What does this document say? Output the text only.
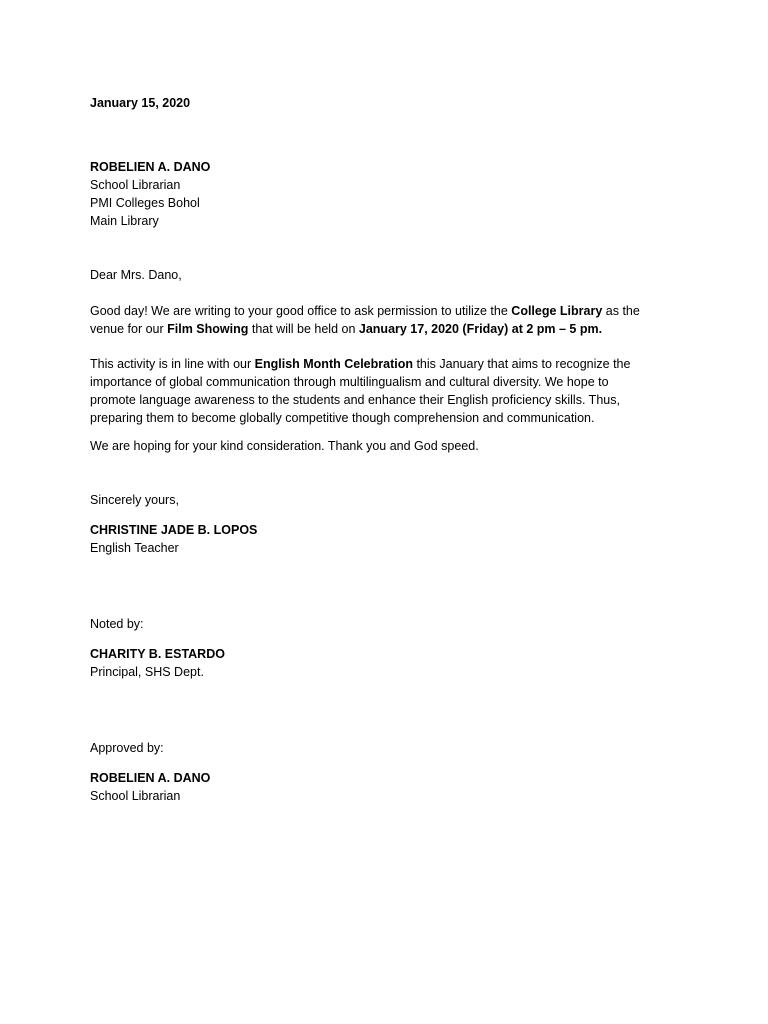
January 15, 2020

ROBELIEN A. DANO
School Librarian
PMI Colleges Bohol
Main Library

Dear Mrs. Dano,

Good day! We are writing to your good office to ask permission to utilize the College Library as the
venue for our Film Showing that will be held on January 17, 2020 (Friday) at 2 pm – 5 pm.
This activity is in line with our English Month Celebration this January that aims to recognize the
importance of global communication through multilingualism and cultural diversity. We hope to
promote language awareness to the students and enhance their English proficiency skills. Thus,
preparing them to become globally competitive though comprehension and communication.

We are hoping for your kind consideration. Thank you and God speed.

Sincerely yours,

CHRISTINE JADE B. LOPOS
English Teacher

Noted by:

CHARITY B. ESTARDO
Principal, SHS Dept.

Approved by:

ROBELIEN A. DANO
School Librarian
